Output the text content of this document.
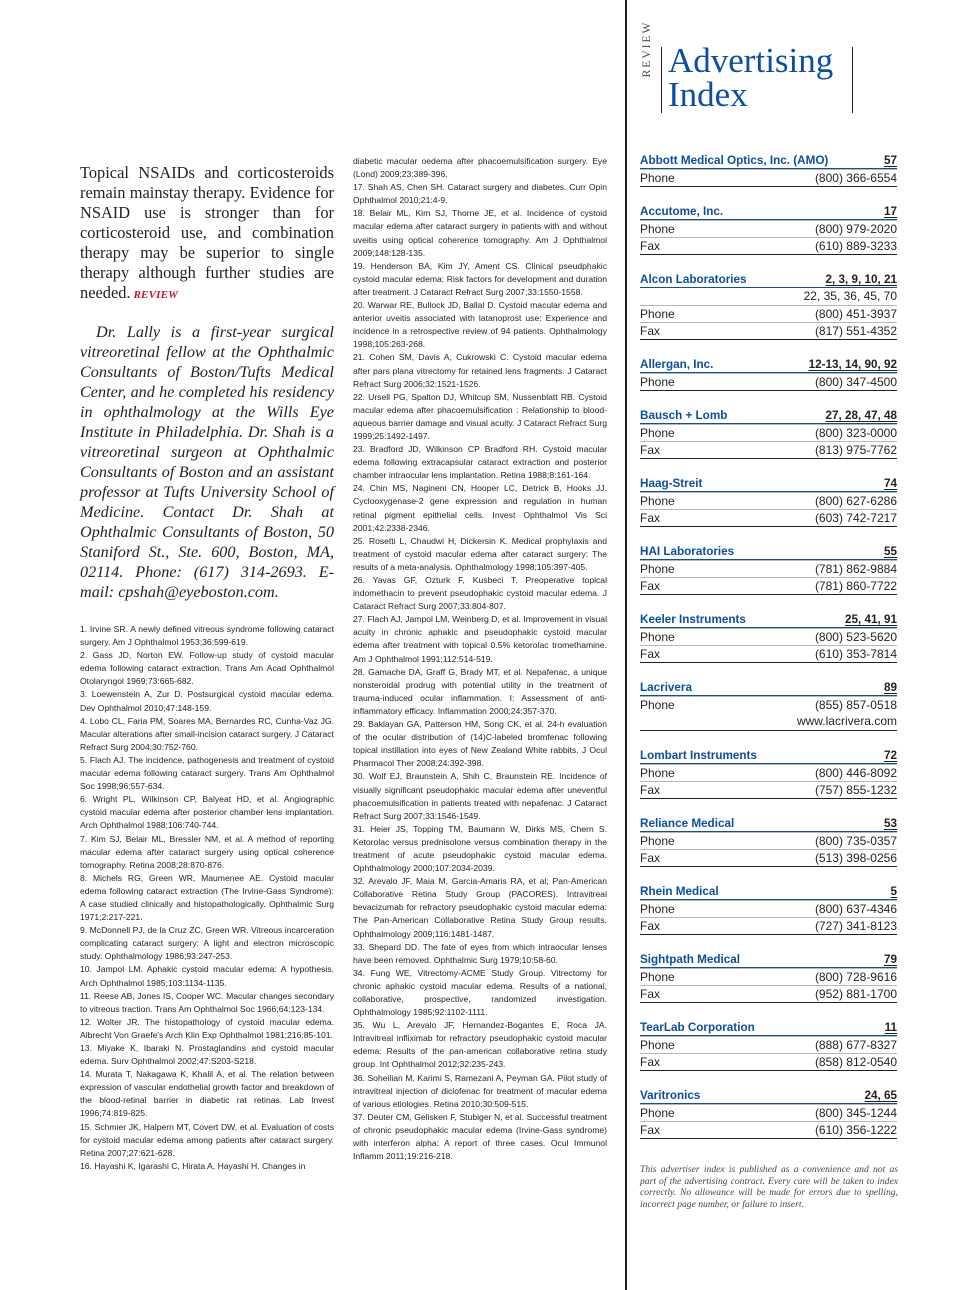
Topical NSAIDs and corticosteroids remain mainstay therapy. Evidence for NSAID use is stronger than for corticosteroid use, and combination therapy may be superior to single therapy although further studies are needed. REVIEW

Dr. Lally is a first-year surgical vitreoretinal fellow at the Ophthalmic Consultants of Boston/Tufts Medical Center, and he completed his residency in ophthalmology at the Wills Eye Institute in Philadelphia. Dr. Shah is a vitreoretinal surgeon at Ophthalmic Consultants of Boston and an assistant professor at Tufts University School of Medicine. Contact Dr. Shah at Ophthalmic Consultants of Boston, 50 Staniford St., Ste. 600, Boston, MA, 02114. Phone: (617) 314-2693. E-mail: cpshah@eyeboston.com.

1. Irvine SR. A newly defined vitreous syndrome following cataract surgery. Am J Ophthalmol 1953;36:599-619.

2. Gass JD, Norton EW. Follow-up study of cystoid macular edema following cataract extraction. Trans Am Acad Ophthalmol Otolaryngol 1969;73:665-682.

3. Loewenstein A, Zur D. Postsurgical cystoid macular edema. Dev Ophthalmol 2010;47:148-159.

4. Lobo CL, Faria PM, Soares MA, Bernardes RC, Cunha-Vaz JG. Macular alterations after small-incision cataract surgery. J Cataract Refract Surg 2004;30:752-760.

5. Flach AJ. The incidence, pathogenesis and treatment of cystoid macular edema following cataract surgery. Trans Am Ophthalmol Soc 1998;96:557-634.

6. Wright PL, Wilkinson CP, Balyeat HD, et al. Angiographic cystoid macular edema after posterior chamber lens implantation. Arch Ophthalmol 1988;106:740-744.

7. Kim SJ, Belair ML, Bressler NM, et al. A method of reporting macular edema after cataract surgery using optical coherence tomography. Retina 2008;28:870-876.

8. Michels RG, Green WR, Maumenee AE. Cystoid macular edema following cataract extraction (The Irvine-Gass Syndrome): A case studied clinically and histopathologically. Ophthalmic Surg 1971;2:217-221.

9. McDonnell PJ, de la Cruz ZC, Green WR. Vitreous incarceration complicating cataract surgery: A light and electron microscopic study. Ophthalmology 1986;93:247-253.

10. Jampol LM. Aphakic cystoid macular edema: A hypothesis. Arch Ophthalmol 1985;103:1134-1135.

11. Reese AB, Jones IS, Cooper WC. Macular changes secondary to vitreous traction. Trans Am Ophthalmol Soc 1966;64:123-134.

12. Wolter JR. The histopathology of cystoid macular edema. Albrecht Von Graefe's Arch Klin Exp Ophthalmol 1981;216:85-101.

13. Miyake K, Ibaraki N. Prostaglandins and cystoid macular edema. Surv Ophthalmol 2002;47:S203-S218.

14. Murata T, Nakagawa K, Khalil A, et al. The relation between expression of vascular endothelial growth factor and breakdown of the blood-retinal barrier in diabetic rat retinas. Lab Invest 1996;74:819-825.

15. Schmier JK, Halpern MT, Covert DW, et al. Evaluation of costs for cystoid macular edema among patients after cataract surgery. Retina 2007;27:621-628.

16. Hayashi K, Igarashi C, Hirata A, Hayashi H. Changes in

diabetic macular oedema after phacoemulsification surgery. Eye (Lond) 2009;23:389-396.

17. Shah AS, Chen SH. Cataract surgery and diabetes. Curr Opin Ophthalmol 2010;21:4-9.

18. Belair ML, Kim SJ, Thorne JE, et al. Incidence of cystoid macular edema after cataract surgery in patients with and without uveitis using optical coherence tomography. Am J Ophthalmol 2009;148:128-135.

19. Henderson BA, Kim JY, Ament CS. Clinical pseudphakic cystoid macular edema: Risk factors for development and duration after treatment. J Cataract Refract Surg 2007;33:1550-1558.

20. Warwar RE, Bullock JD, Ballal D. Cystoid macular edema and anterior uveitis associated with latanoprost use: Experience and incidence in a retrospective review of 94 patients. Ophthalmology 1998;105:263-268.

21. Cohen SM, Davis A, Cukrowski C. Cystoid macular edema after pars plana vitrectomy for retained lens fragments. J Cataract Refract Surg 2006;32:1521-1526.

22. Ursell PG, Spalton DJ, Whitcup SM, Nussenblatt RB. Cystoid macular edema after phacoemulsification : Relationship to blood-aqueous barrier damage and visual acuity. J Cataract Refract Surg 1999;25:1492-1497.

23. Bradford JD, Wilkinson CP Bradford RH. Cystoid macular edema following extracapsular cataract extraction and posterior chamber intraocular lens implantation. Retina 1988;8:161-164.

24. Chin MS, Nagineni CN, Hooper LC, Detrick B, Hooks JJ. Cyclooxygenase-2 gene expression and regulation in human retinal pigment epithelial cells. Invest Ophthalmol Vis Sci 2001;42:2338-2346.

25. Rosetti L, Chaudwi H, Dickersin K. Medical prophylaxis and treatment of cystoid macular edema after cataract surgery: The results of a meta-analysis. Ophthalmology 1998;105:397-405.

26. Yavas GF, Ozturk F, Kusbeci T. Preoperative topical indomethacin to prevent pseudophakic cystoid macular edema. J Cataract Refract Surg 2007;33:804-807.

27. Flach AJ, Jampol LM, Weinberg D, et al. Improvement in visual acuity in chronic aphakic and pseudophakic cystoid macular edema after treatment with topical 0.5% ketorolac tromethamine. Am J Ophthalmol 1991;112:514-519.

28. Gamache DA, Graff G, Brady MT, et al. Nepafenac, a unique nonsteroidal prodrug with potential utility in the treatment of trauma-induced ocular inflammation. I: Assessment of anti-inflammatory efficacy. Inflammation 2000;24:357-370.

29. Baklayan GA, Patterson HM, Song CK, et al. 24-h evaluation of the ocular distribution of (14)C-labeled bromfenac following topical instillation into eyes of New Zealand White rabbits. J Ocul Pharmacol Ther 2008;24:392-398.

30. Wolf EJ, Braunstein A, Shih C, Braunstein RE. Incidence of visually significant pseudophakic macular edema after uneventful phacoemulsification in patients treated with nepafenac. J Cataract Refract Surg 2007;33:1546-1549.

31. Heier JS, Topping TM, Baumann W, Dirks MS, Chern S. Ketorolac versus prednisolone versus combination therapy in the treatment of acute pseudophakic cystoid macular edema. Ophthalmology 2000;107:2034-2039.

32. Arevalo JF, Maia M, Garcia-Amaris RA, et al; Pan-American Collaborative Retina Study Group (PACORES). Intravitreal bevacizumab for refractory pseudophakic cystoid macular edema: The Pan-American Collaborative Retina Study Group results. Ophthalmology 2009;116:1481-1487.

33. Shepard DD. The fate of eyes from which intraocular lenses have been removed. Ophthalmic Surg 1979;10:58-60.

34. Fung WE, Vitrectomy-ACME Study Group. Vitrectomy for chronic aphakic cystoid macular edema. Results of a national, collaborative, prospective, randomized investigation. Ophthalmology 1985;92:1102-1111.

35. Wu L, Arevalo JF, Hernandez-Bogantes E, Roca JA. Intravitreal infliximab for refractory pseudophakic cystoid macular edema: Results of the pan-american collaborative retina study group. Int Ophthalmol 2012;32:235-243.

36. Soheilian M, Karimi S, Ramezani A, Peyman GA. Pilot study of intravitreal injection of diclofenac for treatment of macular edema of various etiologies. Retina 2010;30:509-515.

37. Deuter CM, Gelisken F, Stubiger N, et al. Successful treatment of chronic pseudophakic macular edema (Irvine-Gass syndrome) with interferon alpha: A report of three cases. Ocul Immunol Inflamm 2011;19:216-218.

REVIEW Advertising
Index
Abbott Medical Optics, Inc. (AMO)	57
Phone	(800) 366-6554
Accutome, Inc.	17
Phone	(800) 979-2020
Fax	(610) 889-3233
Alcon Laboratories	2, 3, 9, 10, 21
22, 35, 36, 45, 70
Phone	(800) 451-3937
Fax	(817) 551-4352
Allergan, Inc.	12-13, 14, 90, 92
Phone	(800) 347-4500
Bausch + Lomb	27, 28, 47, 48
Phone	(800) 323-0000
Fax	(813) 975-7762
Haag-Streit	74
Phone	(800) 627-6286
Fax	(603) 742-7217
HAI Laboratories	55
Phone	(781) 862-9884
Fax	(781) 860-7722
Keeler Instruments	25, 41, 91
Phone	(800) 523-5620
Fax	(610) 353-7814
Lacrivera	89
Phone	(855) 857-0518
www.lacrivera.com
Lombart Instruments	72
Phone	(800) 446-8092
Fax	(757) 855-1232
Reliance Medical	53
Phone	(800) 735-0357
Fax	(513) 398-0256
Rhein Medical	5
Phone	(800) 637-4346
Fax	(727) 341-8123
Sightpath Medical	79
Phone	(800) 728-9616
Fax	(952) 881-1700
TearLab Corporation	11
Phone	(888) 677-8327
Fax	(858) 812-0540
Varitronics	24, 65
Phone	(800) 345-1244
Fax	(610) 356-1222

This advertiser index is published as a convenience and not as part of the advertising contract. Every care will be taken to index correctly. No allowance will be made for errors due to spelling, incorrect page number, or failure to insert.
